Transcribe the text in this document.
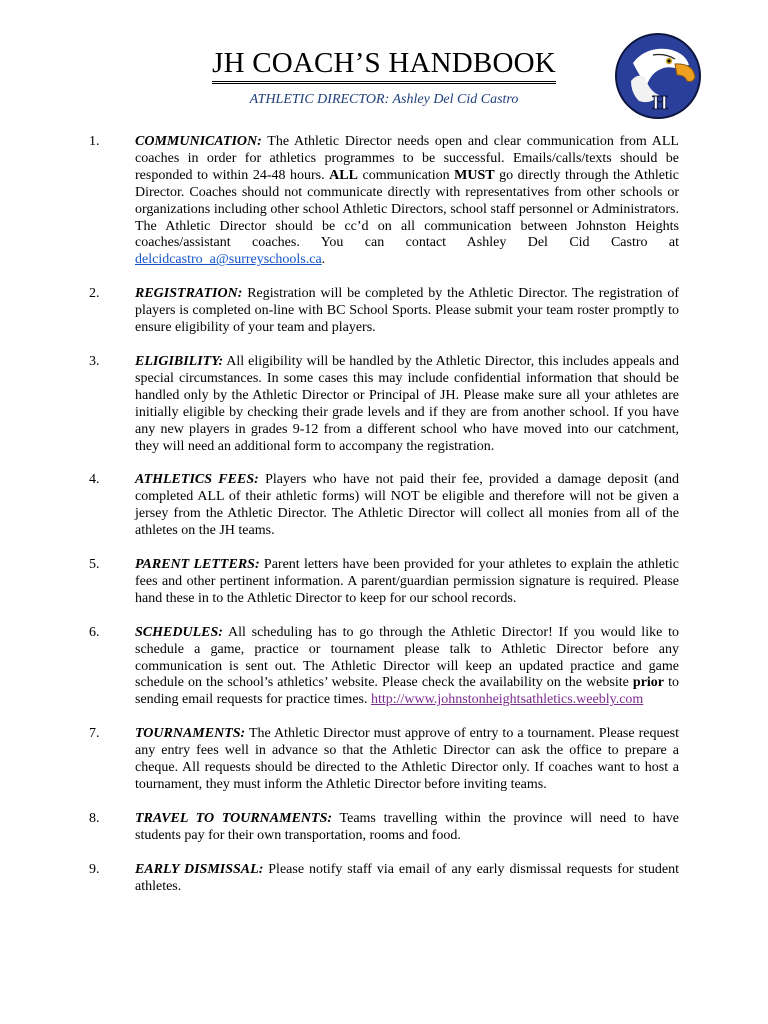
JH COACH’S HANDBOOK
ATHLETIC DIRECTOR: Ashley Del Cid Castro	H
1.	COMMUNICATION: The Athletic Director needs open and clear communication from ALL coaches in order for athletics programmes to be successful. Emails/calls/texts should be responded to within 24-48 hours. ALL communication MUST go directly through the Athletic Director. Coaches should not communicate directly with representatives from other schools or organizations including other school Athletic Directors, school staff personnel or Administrators. The Athletic Director should be cc’d on all communication between Johnston Heights coaches/assistant coaches. You can contact Ashley Del Cid Castro at delcidcastro_a@surreyschools.ca.
2.	REGISTRATION: Registration will be completed by the Athletic Director. The registration of players is completed on-line with BC School Sports. Please submit your team roster promptly to ensure eligibility of your team and players.
3.	ELIGIBILITY: All eligibility will be handled by the Athletic Director, this includes appeals and special circumstances. In some cases this may include confidential information that should be handled only by the Athletic Director or Principal of JH. Please make sure all your athletes are initially eligible by checking their grade levels and if they are from another school. If you have any new players in grades 9-12 from a different school who have moved into our catchment, they will need an additional form to accompany the registration.
4.	ATHLETICS FEES: Players who have not paid their fee, provided a damage deposit (and completed ALL of their athletic forms) will NOT be eligible and therefore will not be given a jersey from the Athletic Director. The Athletic Director will collect all monies from all of the athletes on the JH teams.
5.	PARENT LETTERS: Parent letters have been provided for your athletes to explain the athletic fees and other pertinent information. A parent/guardian permission signature is required. Please hand these in to the Athletic Director to keep for our school records.
6.	SCHEDULES: All scheduling has to go through the Athletic Director! If you would like to schedule a game, practice or tournament please talk to Athletic Director before any communication is sent out. The Athletic Director will keep an updated practice and game schedule on the school’s athletics’ website. Please check the availability on the website prior to sending email requests for practice times. http://www.johnstonheightsathletics.weebly.com
7.	TOURNAMENTS: The Athletic Director must approve of entry to a tournament. Please request any entry fees well in advance so that the Athletic Director can ask the office to prepare a cheque. All requests should be directed to the Athletic Director only. If coaches want to host a tournament, they must inform the Athletic Director before inviting teams.
8.	TRAVEL TO TOURNAMENTS: Teams travelling within the province will need to have students pay for their own transportation, rooms and food.
9.	EARLY DISMISSAL: Please notify staff via email of any early dismissal requests for student athletes.
